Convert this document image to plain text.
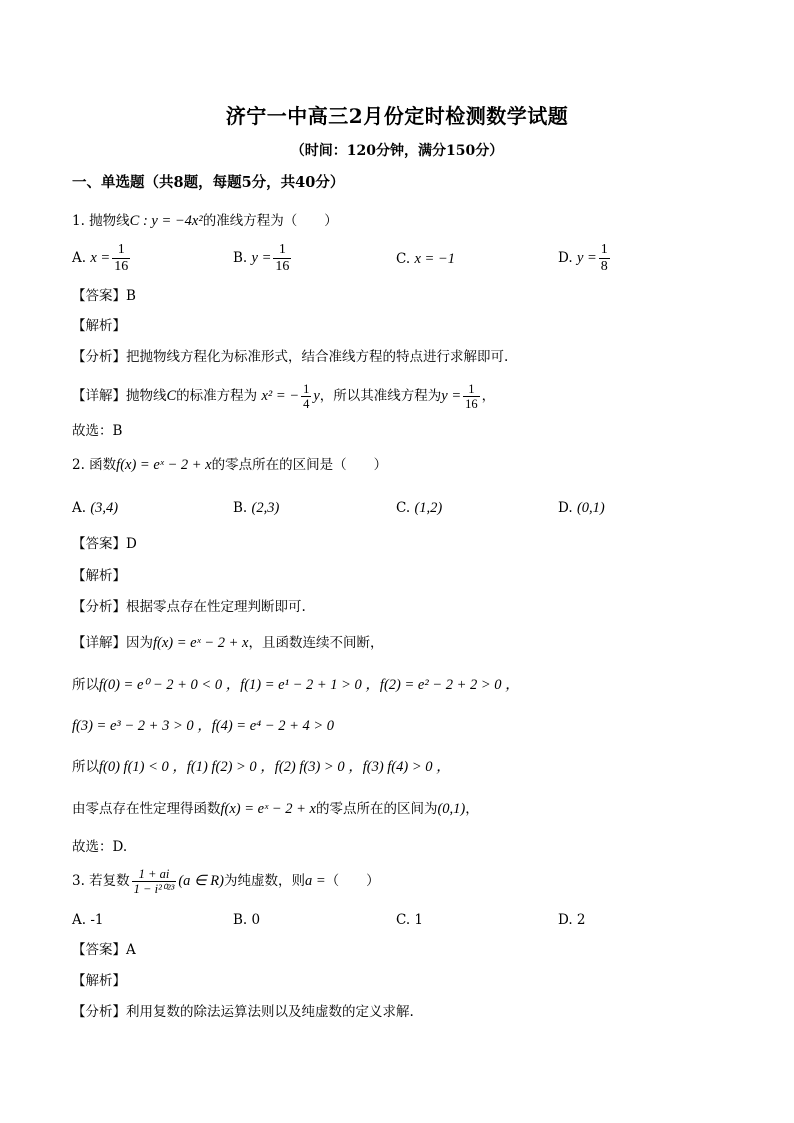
济宁一中高三2月份定时检测数学试题
（时间：120分钟，满分150分）
一、单选题（共8题，每题5分，共40分）
1. 抛物线C : y = −4x²的准线方程为（　　）
A. $x = \frac{1}{16}$	B. $y = \frac{1}{16}$	C. x = −1	D. $y = \frac{1}{8}$
【答案】B
【解析】
【分析】把抛物线方程化为标准形式，结合准线方程的特点进行求解即可.
【详解】抛物线C的标准方程为 x² = − $\frac{1}{4}$ y，所以其准线方程为$y = \frac{1}{16}$ ，
故选：B
2. 函数f(x) = eˣ − 2 + x的零点所在的区间是（　　）
A. (3,4)	B. (2,3)	C. (1,2)	D. (0,1)
【答案】D
【解析】
【分析】根据零点存在性定理判断即可.
【详解】因为f(x) = eˣ − 2 + x，且函数连续不间断，
所以f(0) = e⁰ − 2 + 0 < 0 ，f(1) = e¹ − 2 + 1 > 0 ，f(2) = e² − 2 + 2 > 0 ，
f(3) = e³ − 2 + 3 > 0 ，f(4) = e⁴ − 2 + 4 > 0
所以f(0) f(1) < 0 ，f(1) f(2) > 0 ，f(2) f(3) > 0 ，f(3) f(4) > 0 ，
由零点存在性定理得函数f(x) = eˣ − 2 + x的零点所在的区间为(0,1)，
故选：D.
3. 若复数 $\frac{1 + ai}{\text{1 − i²⁰²³}} (a$ ∈ R)为纯虚数，则a =（　　）
A. -1	B. 0	C. 1	D. 2
【答案】A
【解析】
【分析】利用复数的除法运算法则以及纯虚数的定义求解.
